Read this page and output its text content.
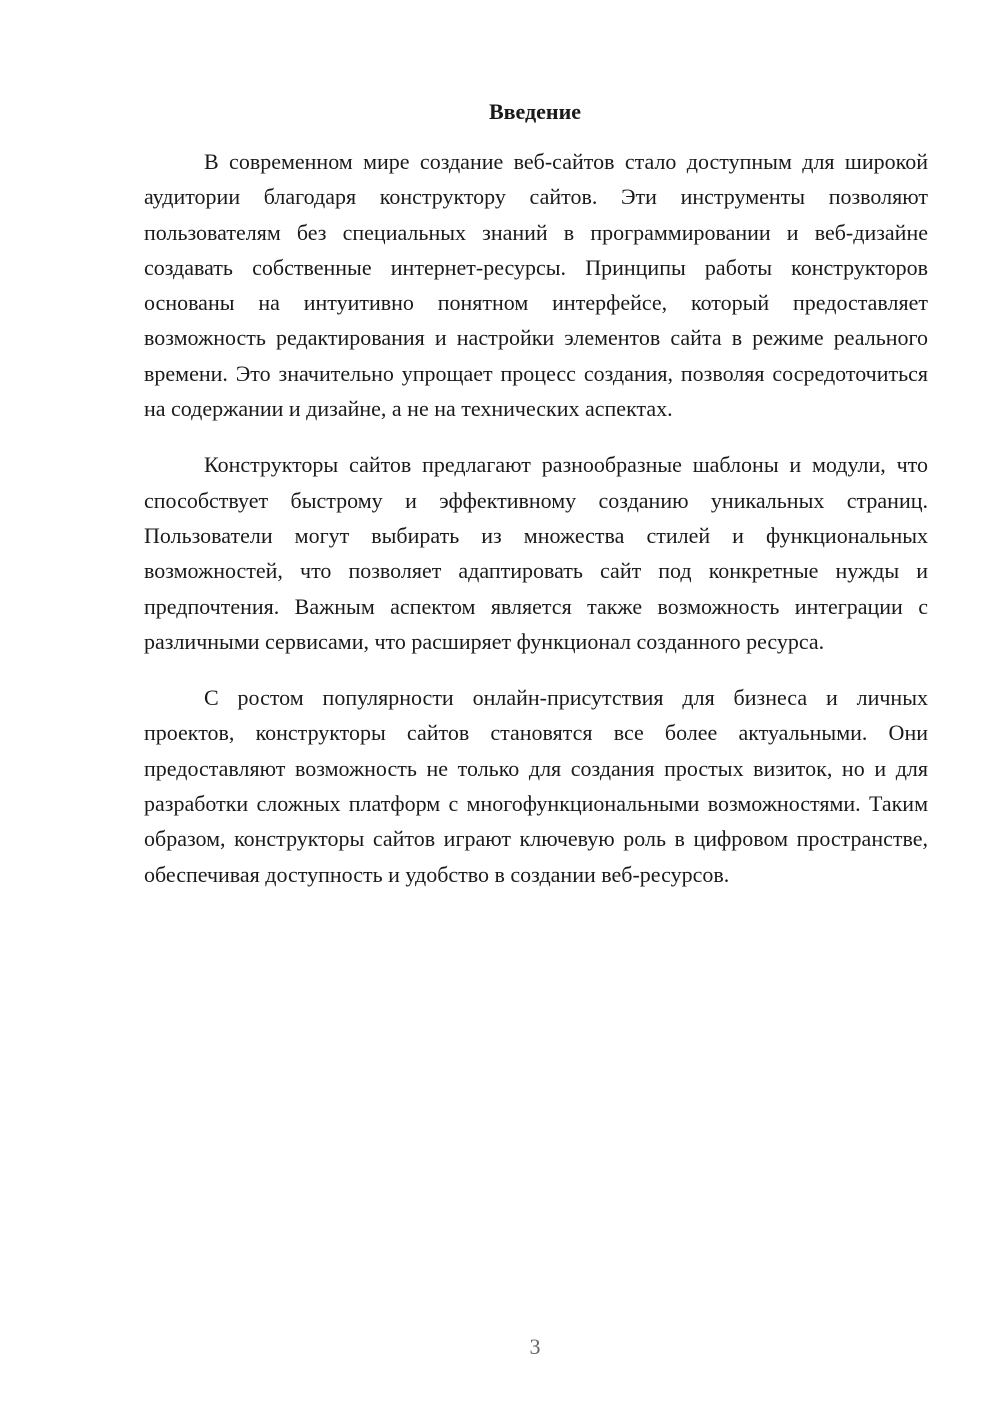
Введение

В современном мире создание веб-сайтов стало доступным для широкой аудитории благодаря конструктору сайтов. Эти инструменты позволяют пользователям без специальных знаний в программировании и веб-дизайне создавать собственные интернет-ресурсы. Принципы работы конструкторов основаны на интуитивно понятном интерфейсе, который предоставляет возможность редактирования и настройки элементов сайта в режиме реального времени. Это значительно упрощает процесс создания, позволяя сосредоточиться на содержании и дизайне, а не на технических аспектах.

Конструкторы сайтов предлагают разнообразные шаблоны и модули, что способствует быстрому и эффективному созданию уникальных страниц. Пользователи могут выбирать из множества стилей и функциональных возможностей, что позволяет адаптировать сайт под конкретные нужды и предпочтения. Важным аспектом является также возможность интеграции с различными сервисами, что расширяет функционал созданного ресурса.

С ростом популярности онлайн-присутствия для бизнеса и личных проектов, конструкторы сайтов становятся все более актуальными. Они предоставляют возможность не только для создания простых визиток, но и для разработки сложных платформ с многофункциональными возможностями. Таким образом, конструкторы сайтов играют ключевую роль в цифровом пространстве, обеспечивая доступность и удобство в создании веб-ресурсов.

3
